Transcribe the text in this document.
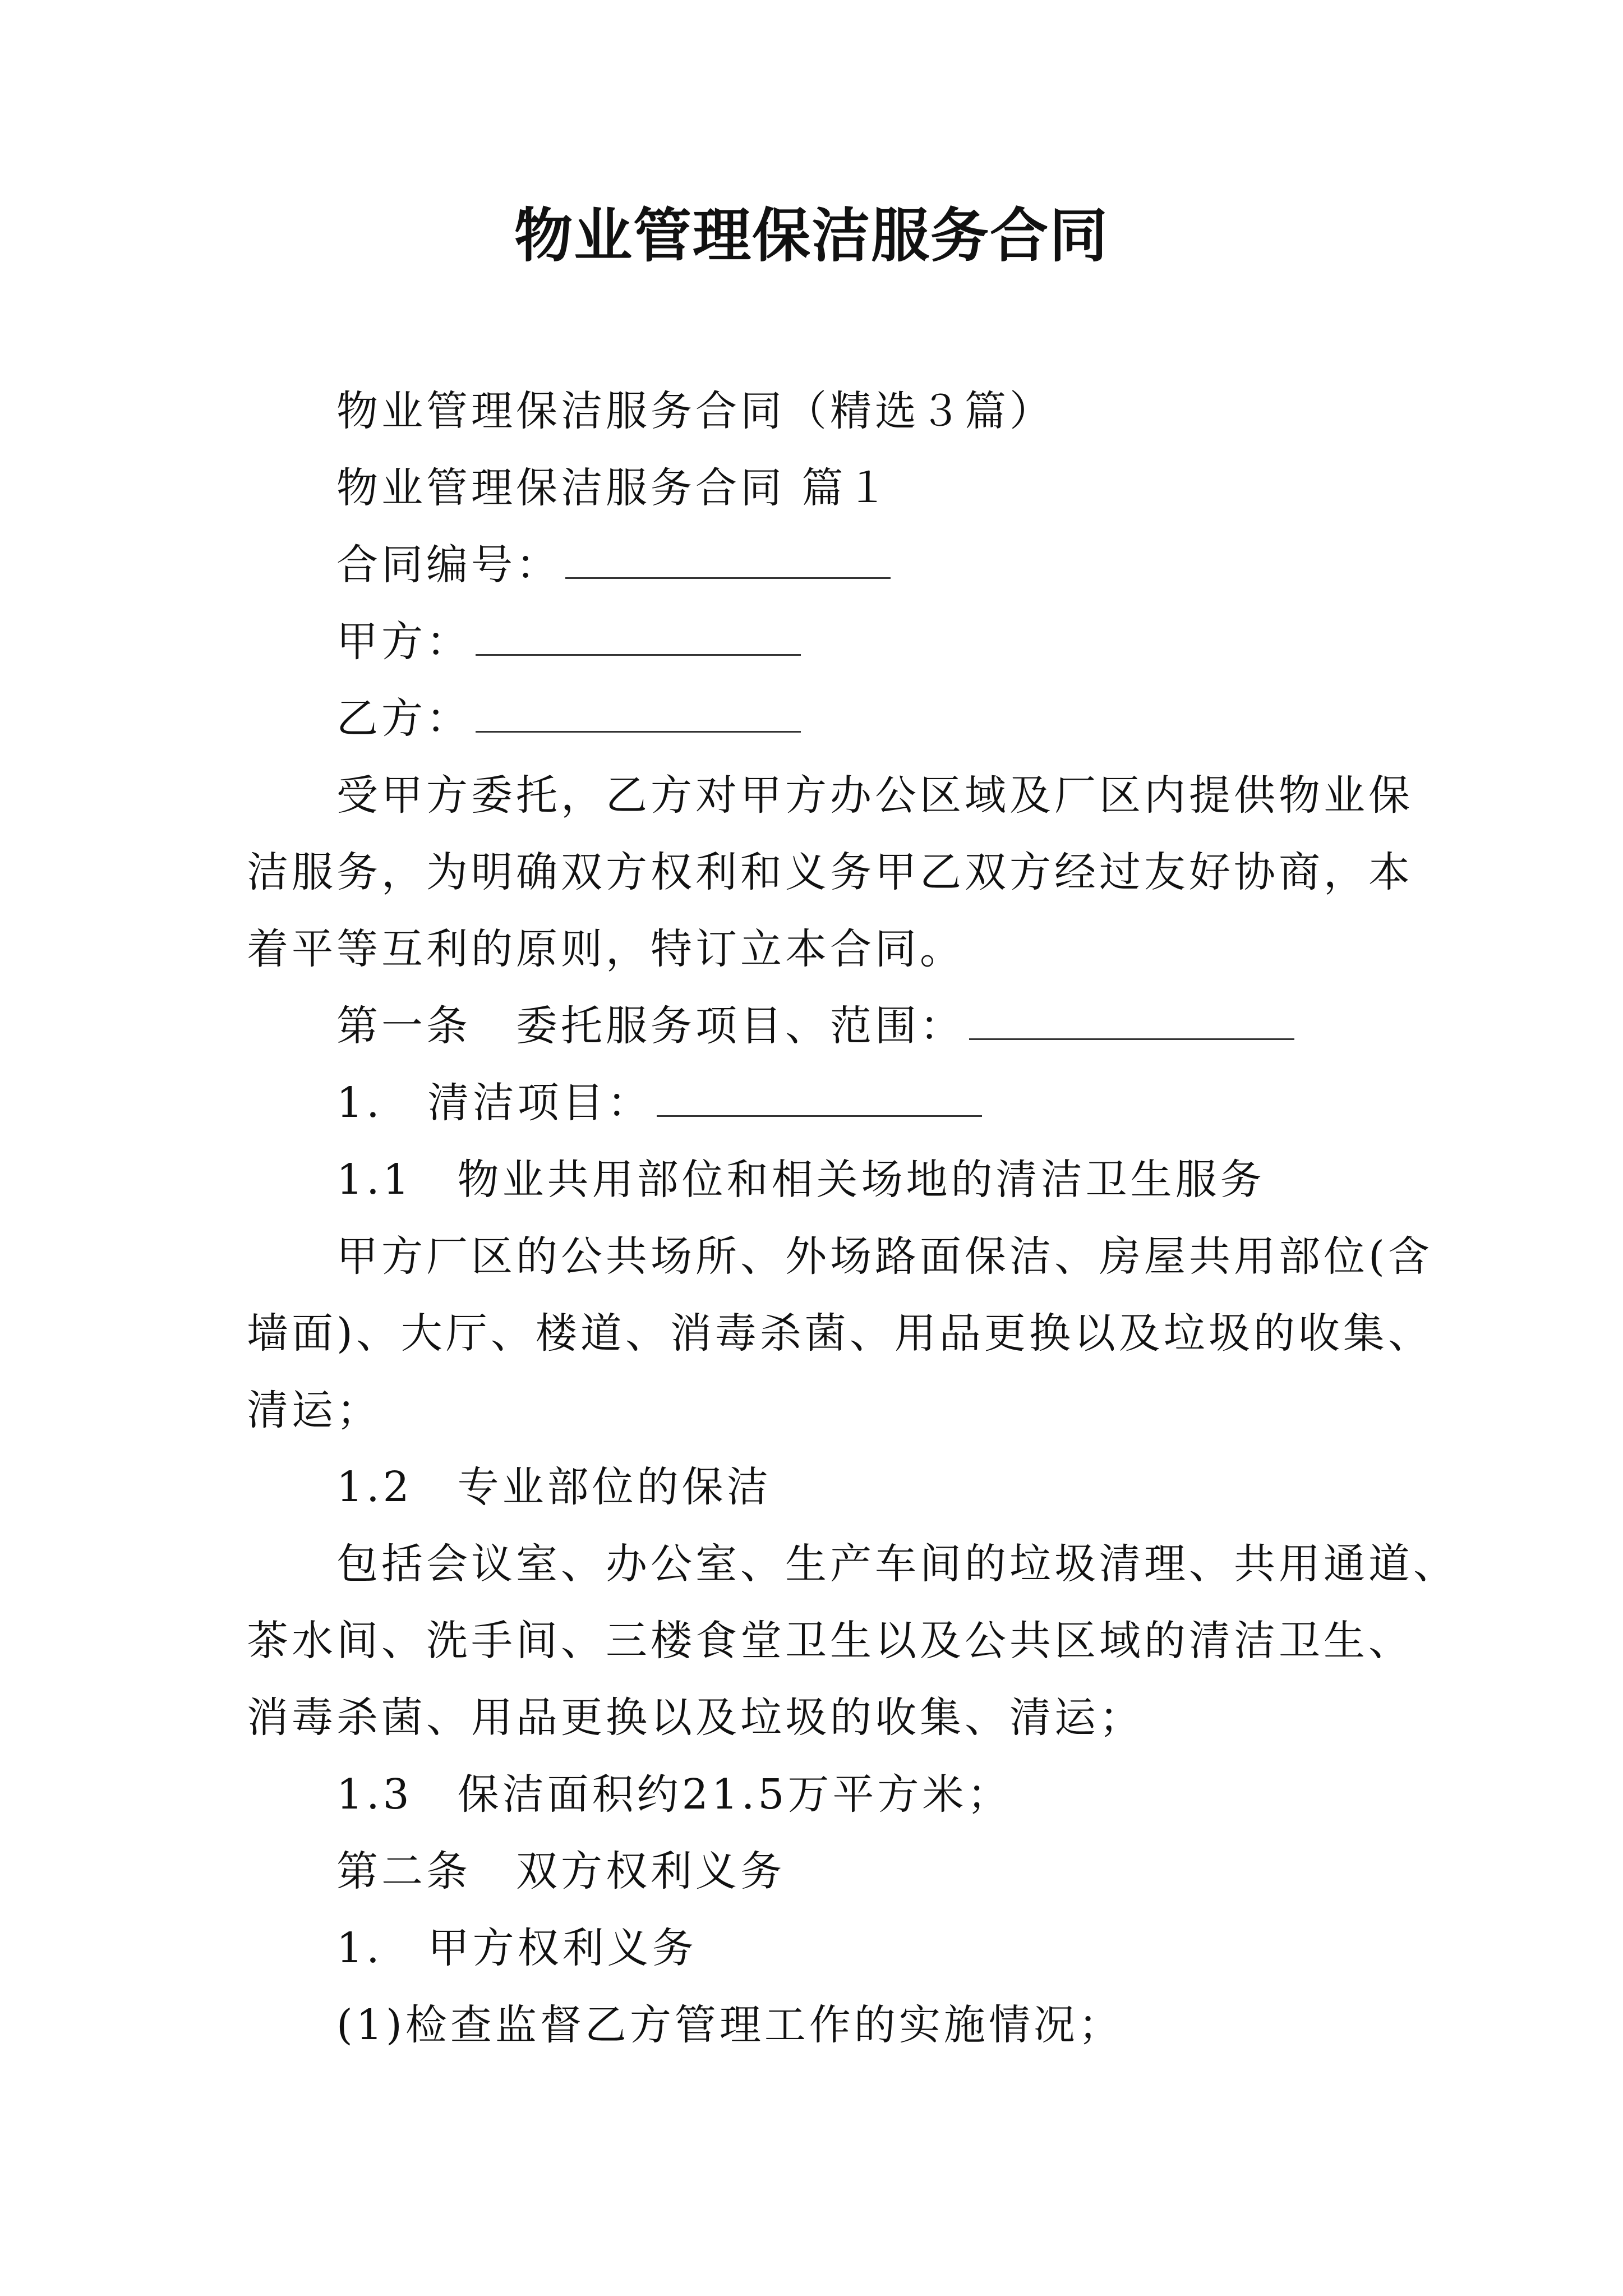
物业管理保洁服务合同

物业管理保洁服务合同（精选３篇）

物业管理保洁服务合同 篇１

合同编号：

甲方：

乙方：

受甲方委托，乙方对甲方办公区域及厂区内提供物业保

洁服务，为明确双方权利和义务甲乙双方经过友好协商，本

着平等互利的原则，特订立本合同。

第一条　委托服务项目、范围：

1.　清洁项目：

1.1　物业共用部位和相关场地的清洁卫生服务

甲方厂区的公共场所、外场路面保洁、房屋共用部位(含

墙面)、大厅、楼道、消毒杀菌、用品更换以及垃圾的收集、

清运；

1.2　专业部位的保洁

包括会议室、办公室、生产车间的垃圾清理、共用通道、

茶水间、洗手间、三楼食堂卫生以及公共区域的清洁卫生、

消毒杀菌、用品更换以及垃圾的收集、清运；

1.3　保洁面积约21.5万平方米；

第二条　双方权利义务

1.　甲方权利义务

(1)检查监督乙方管理工作的实施情况；
